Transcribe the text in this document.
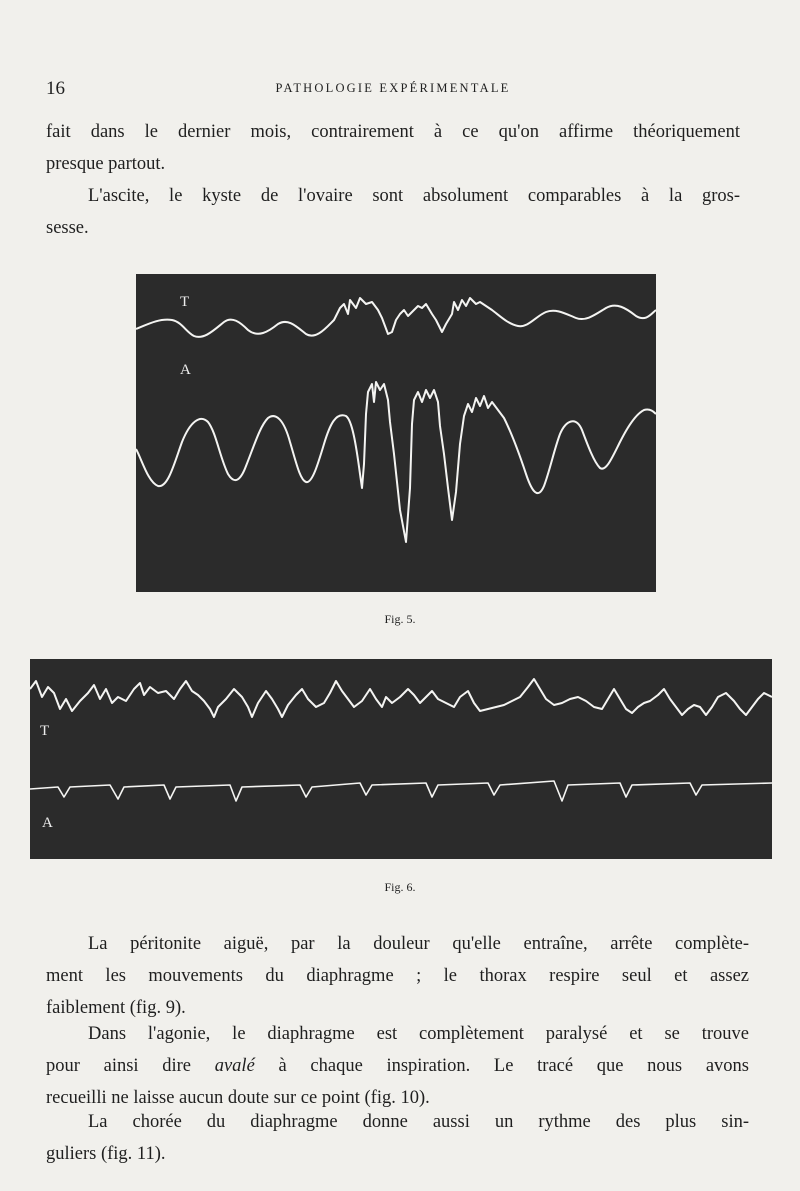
16	PATHOLOGIE EXPÉRIMENTALE

fait dans le dernier mois, contrairement à ce qu'on affirme théoriquement
presque partout.

L'ascite, le kyste de l'ovaire sont absolument comparables à la gros-
sesse.

T
A
Fig. 5.
T
A
Fig. 6.

La péritonite aiguë, par la douleur qu'elle entraîne, arrête complète-
ment les mouvements du diaphragme ; le thorax respire seul et assez
faiblement (fig. 9).

Dans l'agonie, le diaphragme est complètement paralysé et se trouve
pour ainsi dire avalé à chaque inspiration. Le tracé que nous avons
recueilli ne laisse aucun doute sur ce point (fig. 10).

La chorée du diaphragme donne aussi un rythme des plus sin-
guliers (fig. 11).
